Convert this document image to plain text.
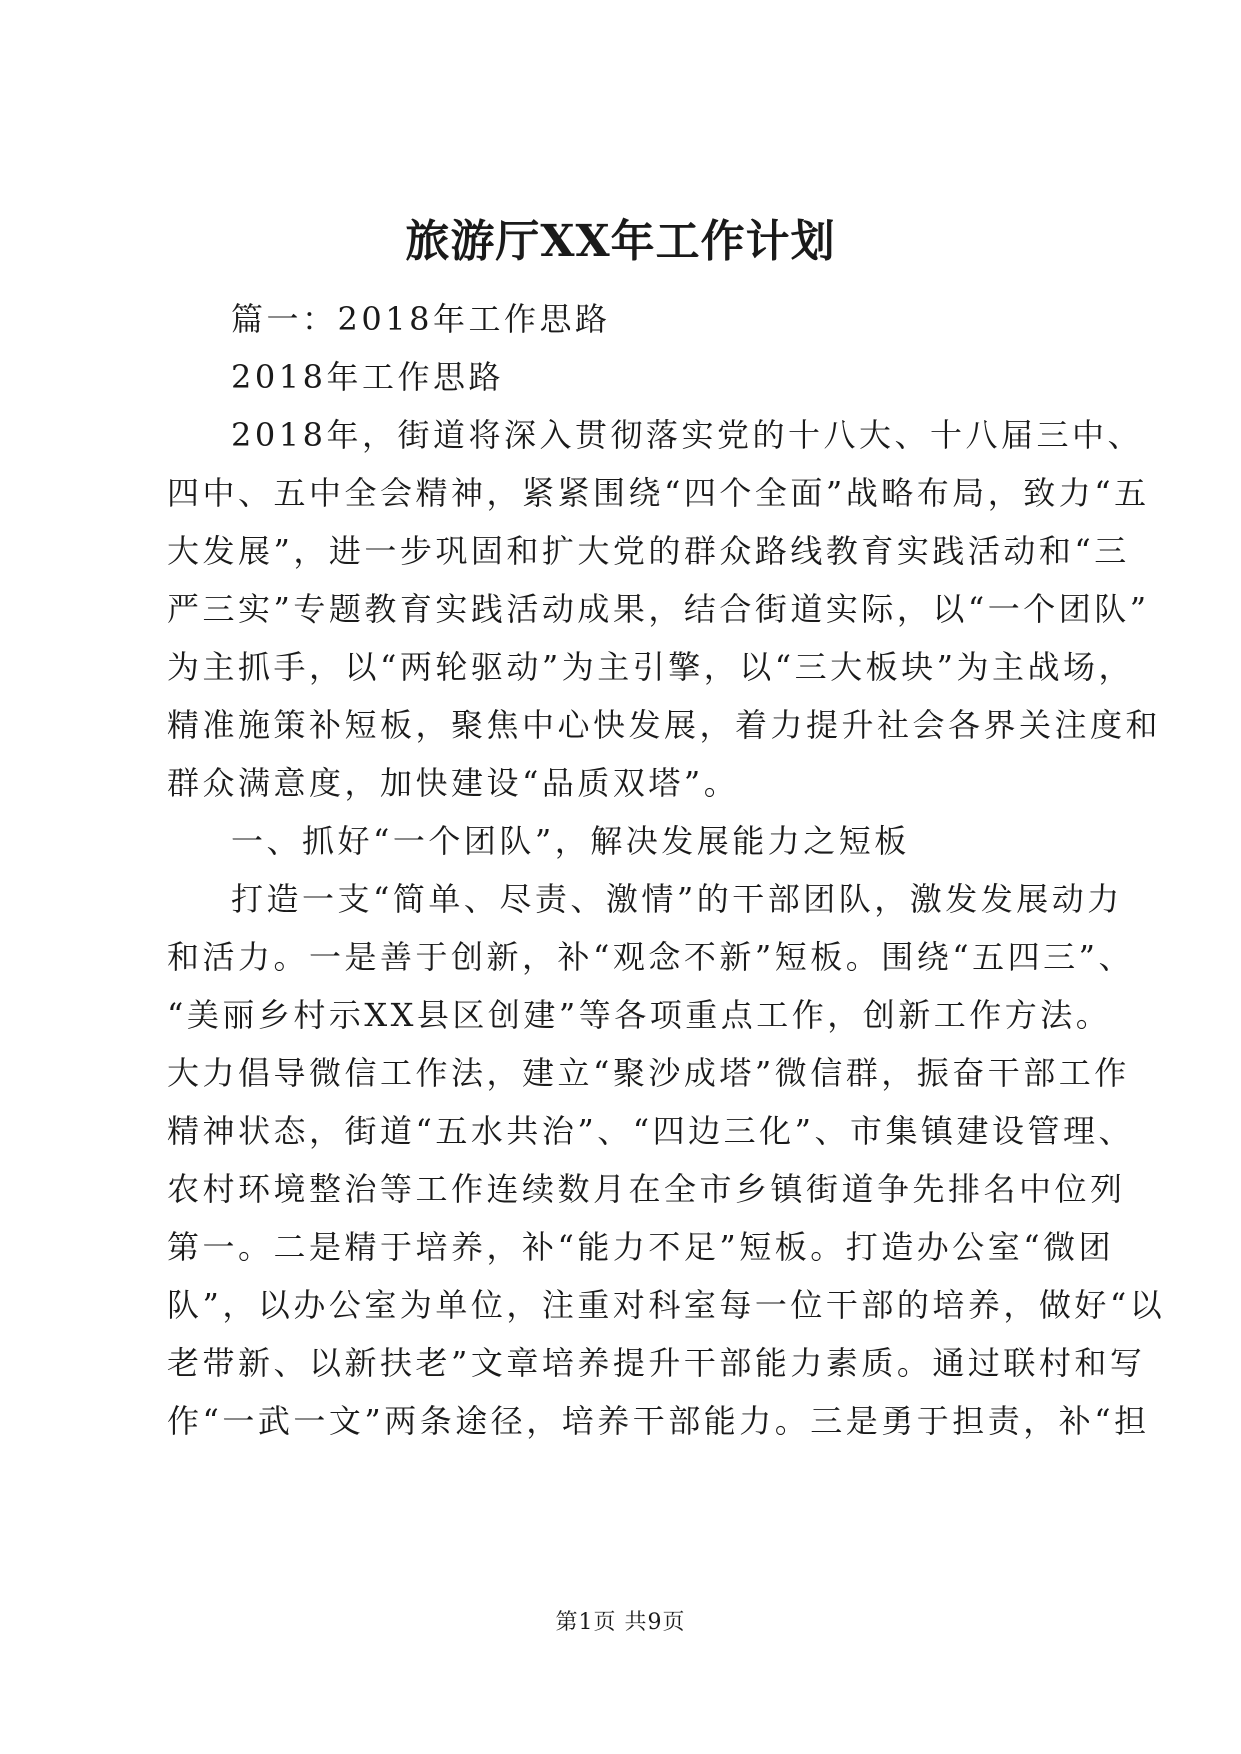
旅游厅XX年工作计划
篇一：2018年工作思路
2018年工作思路
2018年，街道将深入贯彻落实党的十八大、十八届三中、
四中、五中全会精神，紧紧围绕“四个全面”战略布局，致力“五
大发展”，进一步巩固和扩大党的群众路线教育实践活动和“三
严三实”专题教育实践活动成果，结合街道实际，以“一个团队”
为主抓手，以“两轮驱动”为主引擎，以“三大板块”为主战场，
精准施策补短板，聚焦中心快发展，着力提升社会各界关注度和
群众满意度，加快建设“品质双塔”。
一、抓好“一个团队”，解决发展能力之短板
打造一支“简单、尽责、激情”的干部团队，激发发展动力
和活力。一是善于创新，补“观念不新”短板。围绕“五四三”、
“美丽乡村示XX县区创建”等各项重点工作，创新工作方法。
大力倡导微信工作法，建立“聚沙成塔”微信群，振奋干部工作
精神状态，街道“五水共治”、“四边三化”、市集镇建设管理、
农村环境整治等工作连续数月在全市乡镇街道争先排名中位列
第一。二是精于培养，补“能力不足”短板。打造办公室“微团
队”，以办公室为单位，注重对科室每一位干部的培养，做好“以
老带新、以新扶老”文章培养提升干部能力素质。通过联村和写
作“一武一文”两条途径，培养干部能力。三是勇于担责，补“担
第1页 共9页
